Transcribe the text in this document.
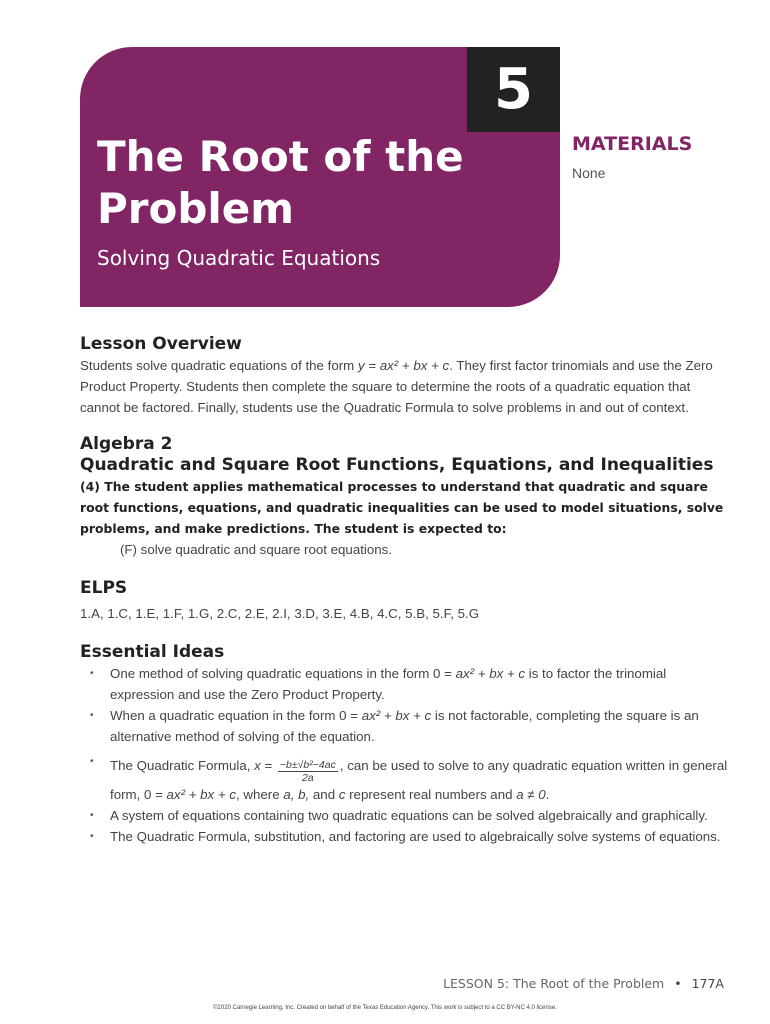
5
The Root of the Problem
Solving Quadratic Equations
MATERIALS
None
Lesson Overview

Students solve quadratic equations of the form y = ax² + bx + c. They first factor trinomials and use the Zero Product Property. Students then complete the square to determine the roots of a quadratic equation that cannot be factored. Finally, students use the Quadratic Formula to solve problems in and out of context.

Algebra 2
Quadratic and Square Root Functions, Equations, and Inequalities

(4) The student applies mathematical processes to understand that quadratic and square root functions, equations, and quadratic inequalities can be used to model situations, solve problems, and make predictions. The student is expected to:

(F) solve quadratic and square root equations.

ELPS

1.A, 1.C, 1.E, 1.F, 1.G, 2.C, 2.E, 2.I, 3.D, 3.E, 4.B, 4.C, 5.B, 5.F, 5.G

Essential Ideas
• One method of solving quadratic equations in the form 0 = ax² + bx + c is to factor the trinomial expression and use the Zero Product Property.
• When a quadratic equation in the form 0 = ax² + bx + c is not factorable, completing the square is an alternative method of solving of the equation.
• The Quadratic Formula, $x = \frac{\text{−b±√b²−4ac}}{2a}$ , can be used to solve to any quadratic equation written in general form, 0 = ax² + bx + c, where a, b, and c represent real numbers and a ≠ 0.
• A system of equations containing two quadratic equations can be solved algebraically and graphically.
• The Quadratic Formula, substitution, and factoring are used to algebraically solve systems of equations.
LESSON 5: The Root of the Problem • 177A
©2020 Carnegie Learning, Inc. Created on behalf of the Texas Education Agency. This work is subject to a CC BY-NC 4.0 license.
